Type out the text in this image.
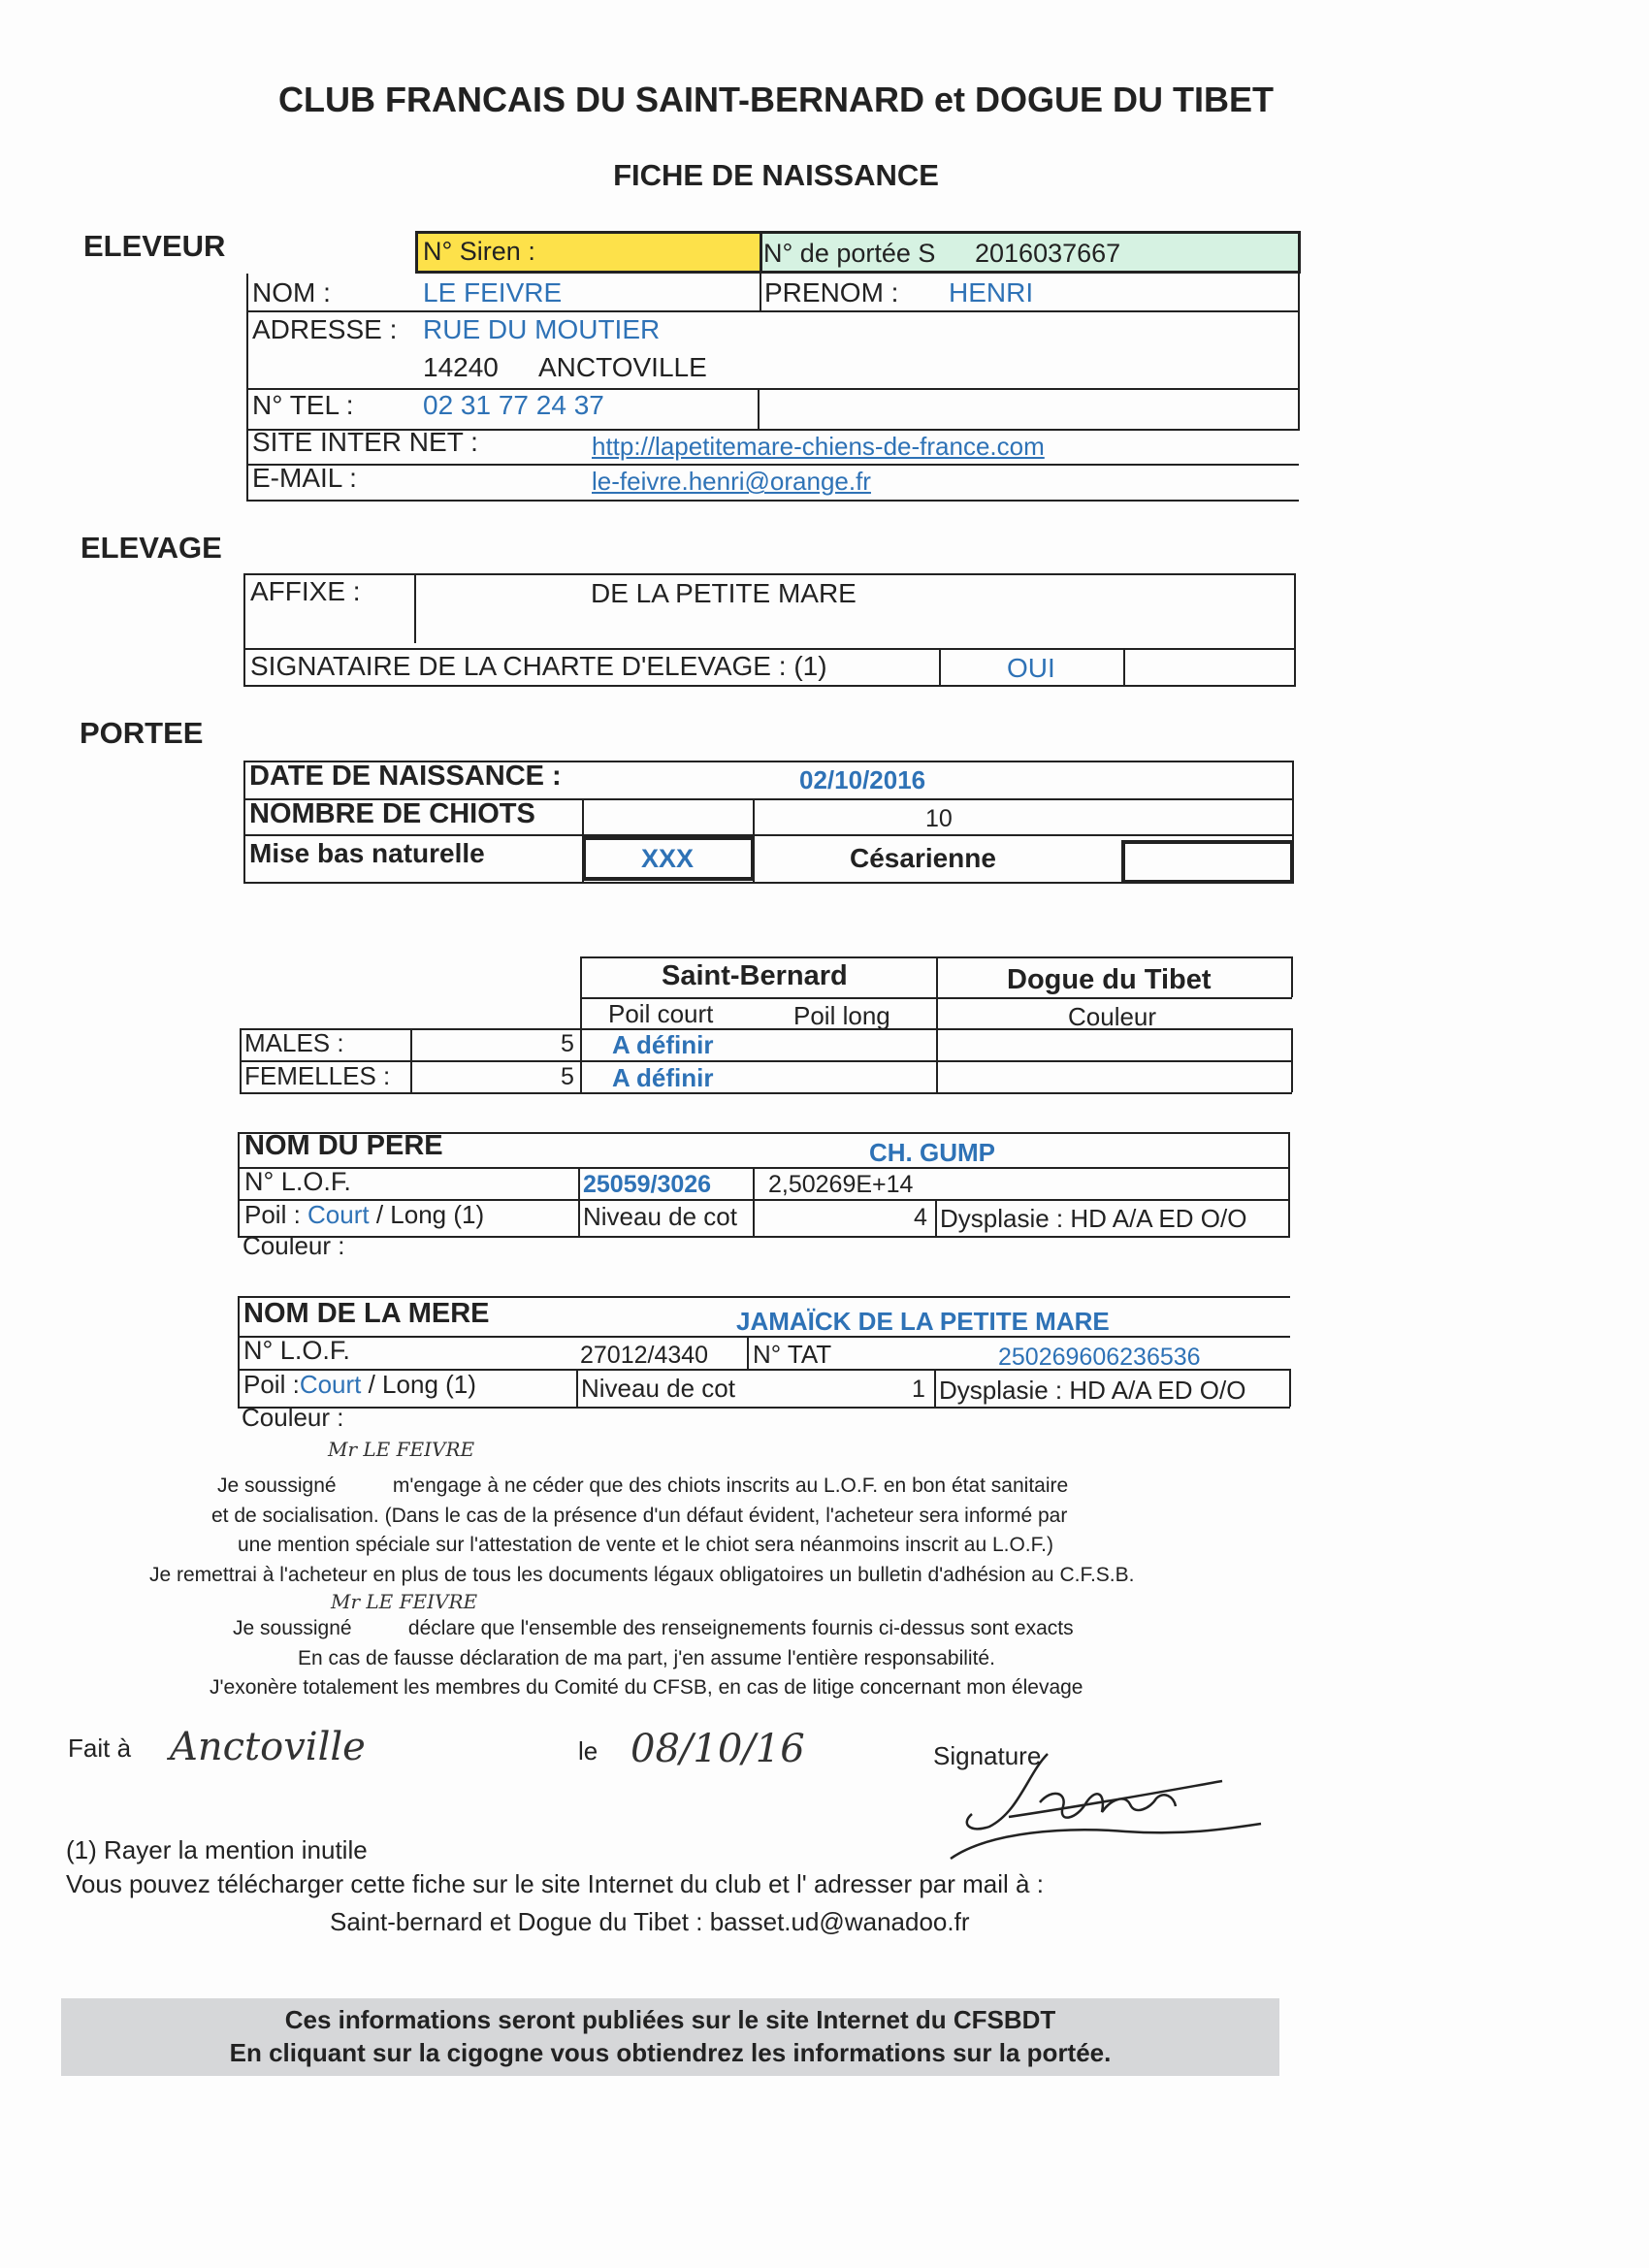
CLUB FRANCAIS DU SAINT-BERNARD et DOGUE DU TIBET
FICHE DE NAISSANCE
ELEVEUR	N° Siren :	N° de portée S 2016037667
NOM :	LE FEIVRE	PRENOM : HENRI
ADRESSE : RUE DU MOUTIER
14240 ANCTOVILLE
N° TEL :	02 31 77 24 37
SITE INTER NET :	http://lapetitemare-chiens-de-france.com
E-MAIL :	le-feivre.henri@orange.fr
ELEVAGE
AFFIXE :	DE LA PETITE MARE
SIGNATAIRE DE LA CHARTE D'ELEVAGE : (1)	OUI
PORTEE
DATE DE NAISSANCE :	02/10/2016
NOMBRE DE CHIOTS	10
Mise bas naturelle	XXX	Césarienne
Saint-Bernard	Dogue du Tibet
Poil court	Poil long	Couleur
MALES :	5 A définir
FEMELLES :	5 A définir
NOM DU PERE	CH. GUMP
N° L.O.F.	25059/3026 2,50269E+14
Poil : Court / Long (1)	Niveau de cot	4 Dysplasie : HD A/A ED O/O
Couleur :
NOM DE LA MERE	JAMAÏCK DE LA PETITE MARE
N° L.O.F.	27012/4340 N° TAT	250269606236536
Poil :Court / Long (1)	Niveau de cot	1 Dysplasie : HD A/A ED O/O
Couleur :
Mr LE FEIVRE
Je soussigné          m'engage à ne céder que des chiots inscrits au L.O.F. en bon état sanitaire
et de socialisation. (Dans le cas de la présence d'un défaut évident, l'acheteur sera informé par
une mention spéciale sur l'attestation de vente et le chiot sera néanmoins inscrit au L.O.F.)
Je remettrai à l'acheteur en plus de tous les documents légaux obligatoires un bulletin d'adhésion au C.F.S.B.
Mr LE FEIVRE
Je soussigné          déclare que l'ensemble des renseignements fournis ci-dessus sont exacts
En cas de fausse déclaration de ma part, j'en assume l'entière responsabilité.
J'exonère totalement les membres du Comité du CFSB, en cas de litige concernant mon élevage
Fait à Anctoville	le 08/10/16	Signature
(1) Rayer la mention inutile
Vous pouvez télécharger cette fiche sur le site Internet du club et l' adresser par mail à :
Saint-bernard et Dogue du Tibet : basset.ud@wanadoo.fr
Ces informations seront publiées sur le site Internet du CFSBDT
En cliquant sur la cigogne vous obtiendrez les informations sur la portée.
